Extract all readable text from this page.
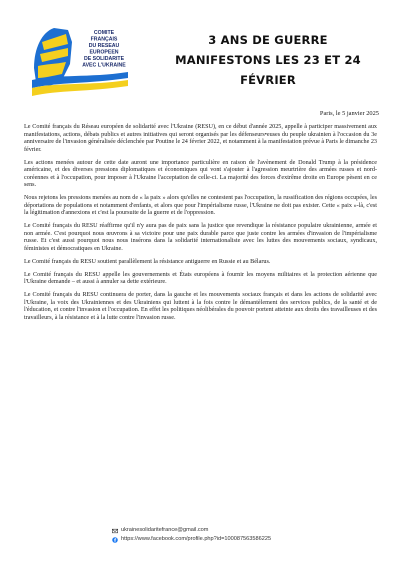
COMITE
FRANÇAIS
DU RESEAU
EUROPEEN
DE SOLIDARITE
AVEC L'UKRAINE
3 ANS DE GUERRE
MANIFESTONS LES 23 ET 24 FÉVRIER
Paris, le 5 janvier 2025

Le Comité français du Réseau européen de solidarité avec l'Ukraine (RESU), en ce début d'année 2025, appelle à participer massivement aux manifestations, actions, débats publics et autres initiatives qui seront organisés par les défenseurs•euses du peuple ukrainien à l'occasion du 3e anniversaire de l'invasion généralisée déclenchée par Poutine le 24 février 2022, et notamment à la manifestation prévue à Paris le dimanche 23 février.

Les actions menées autour de cette date auront une importance particulière en raison de l'avènement de Donald Trump à la présidence américaine, et des diverses pressions diplomatiques et économiques qui vont s'ajouter à l'agression meurtrière des armées russes et nord-coréennes et à l'occupation, pour imposer à l'Ukraine l'acceptation de celle-ci. La majorité des forces d'extrême droite en Europe pèsent en ce sens.

Nous rejetons les pressions menées au nom de « la paix » alors qu'elles ne contestent pas l'occupation, la russification des régions occupées, les déportations de populations et notamment d'enfants, et alors que pour l'impérialisme russe, l'Ukraine ne doit pas exister. Cette « paix »-là, c'est la légitimation d'annexions et c'est la poursuite de la guerre et de l'oppression.

Le Comité français du RESU réaffirme qu'il n'y aura pas de paix sans la justice que revendique la résistance populaire ukrainienne, armée et non armée. C'est pourquoi nous œuvrons à sa victoire pour une paix durable parce que juste contre les armées d'invasion de l'impérialisme russe. Et c'est aussi pourquoi nous nous insérons dans la solidarité internationaliste avec les luttes des mouvements sociaux, syndicaux, féministes et démocratiques en Ukraine.

Le Comité français du RESU soutient parallèlement la résistance antiguerre en Russie et au Bélarus.

Le Comité français du RESU appelle les gouvernements et États européens à fournir les moyens militaires et la protection aérienne que l'Ukraine demande – et aussi à annuler sa dette extérieure.

Le Comité français du RESU continuera de porter, dans la gauche et les mouvements sociaux français et dans les actions de solidarité avec l'Ukraine, la voix des Ukrainiennes et des Ukrainiens qui luttent à la fois contre le démantèlement des services publics, de la santé et de l'éducation, et contre l'invasion et l'occupation. En effet les politiques néolibérales du pouvoir portent atteinte aux droits des travailleuses et des travailleurs, à la résistance et à la lutte contre l'invasion russe.

ukrainesolidaritefrance@gmail.com
https://www.facebook.com/profile.php?id=100087563586225
